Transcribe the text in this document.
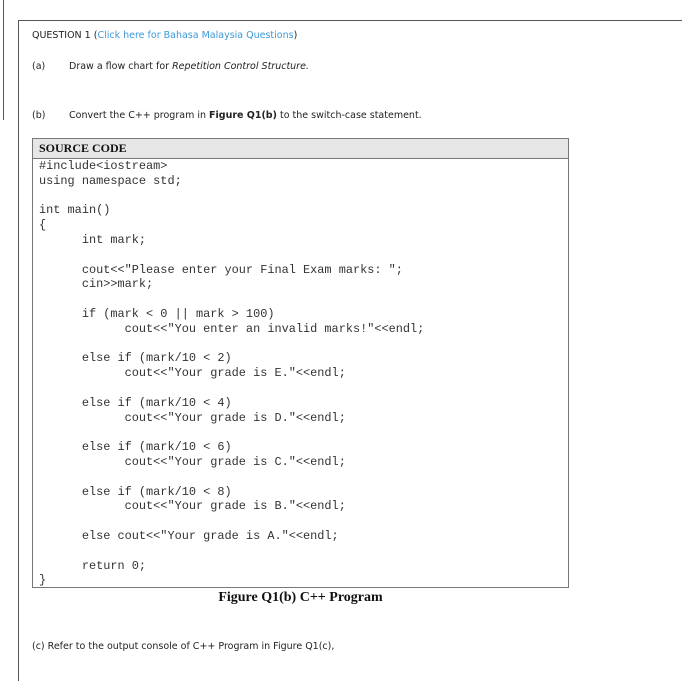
QUESTION 1 (Click here for Bahasa Malaysia Questions)
(a)	Draw a flow chart for Repetition Control Structure.
(b) Convert the C++ program in Figure Q1(b) to the switch-case statement.
SOURCE CODE
#include<iostream>
using namespace std;

int main()
{
int mark;

cout<<"Please enter your Final Exam marks: ";
cin>>mark;

if (mark < 0 || mark > 100)
cout<<"You enter an invalid marks!"<<endl;

else if (mark/10 < 2)
cout<<"Your grade is E."<<endl;

else if (mark/10 < 4)
cout<<"Your grade is D."<<endl;

else if (mark/10 < 6)
cout<<"Your grade is C."<<endl;

else if (mark/10 < 8)
cout<<"Your grade is B."<<endl;

else cout<<"Your grade is A."<<endl;

return 0;
}
Figure Q1(b) C++ Program
(c) Refer to the output console of C++ Program in Figure Q1(c),
